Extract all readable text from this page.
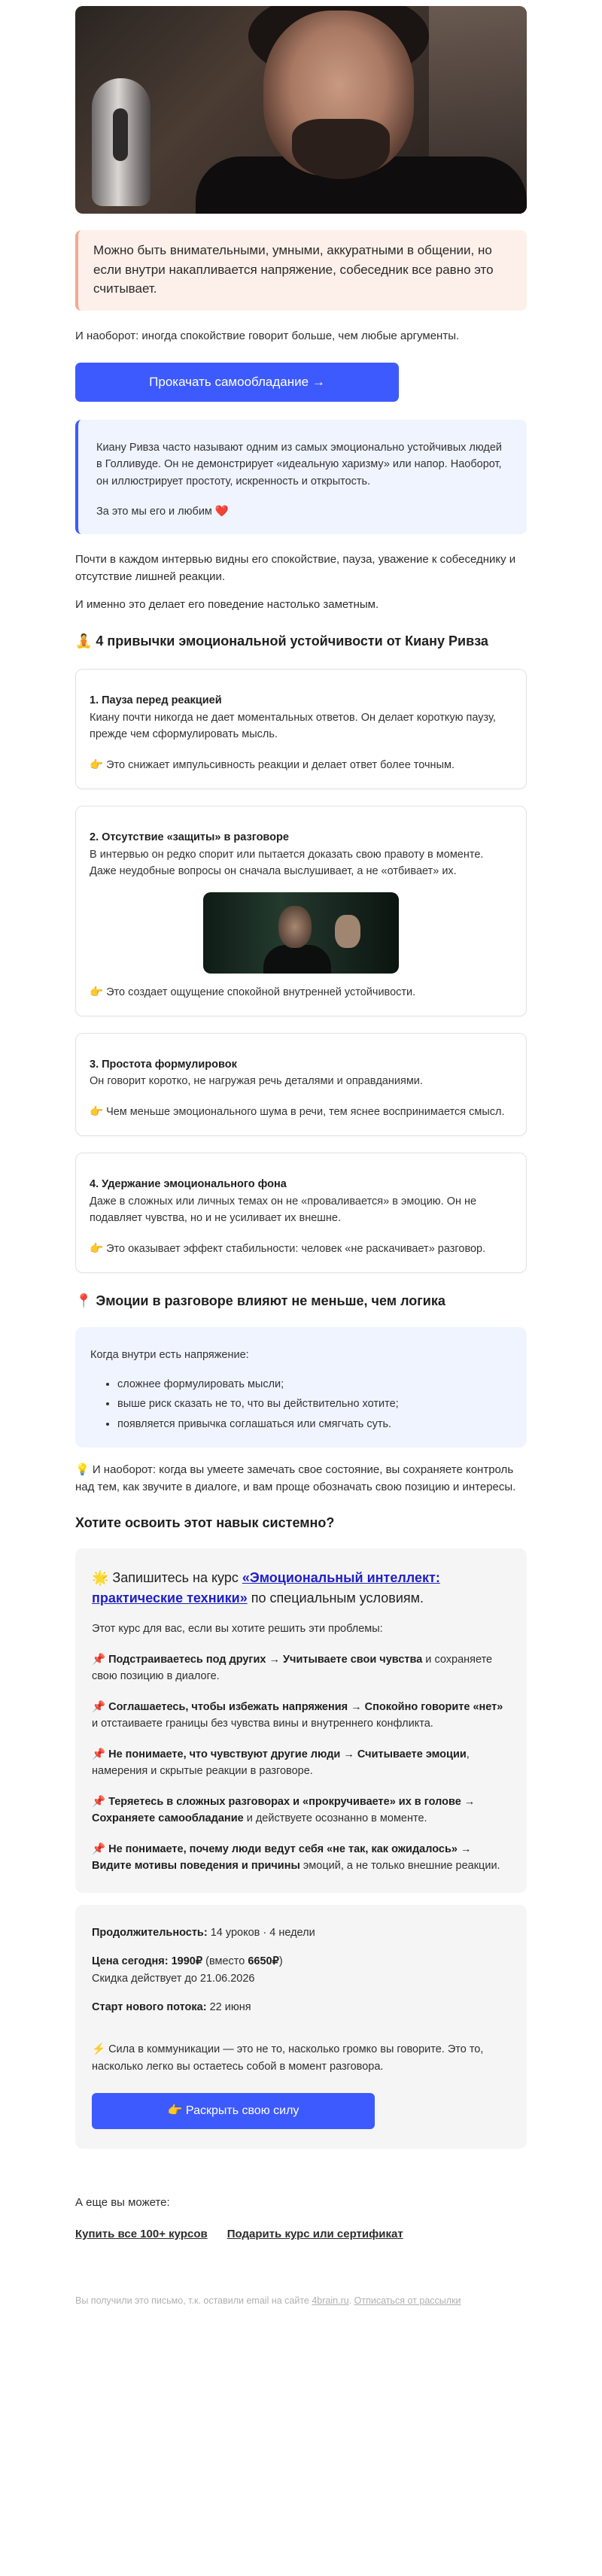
Можно быть внимательными, умными, аккуратными в общении, но если внутри накапливается напряжение, собеседник все равно это считывает.

И наоборот: иногда спокойствие говорит больше, чем любые аргументы.

Прокачать самообладание →

Киану Ривза часто называют одним из самых эмоционально устойчивых людей в Голливуде. Он не демонстрирует «идеальную харизму» или напор. Наоборот, он иллюстрирует простоту, искренность и открытость.

За это мы его и любим ❤️

Почти в каждом интервью видны его спокойствие, пауза, уважение к собеседнику и отсутствие лишней реакции.

И именно это делает его поведение настолько заметным.

🧘 4 привычки эмоциональной устойчивости от Киану Ривза
1. Пауза перед реакцией
Киану почти никогда не дает моментальных ответов. Он делает короткую паузу, прежде чем сформулировать мысль.
👉 Это снижает импульсивность реакции и делает ответ более точным.
2. Отсутствие «защиты» в разговоре
В интервью он редко спорит или пытается доказать свою правоту в моменте. Даже неудобные вопросы он сначала выслушивает, а не «отбивает» их.
👉 Это создает ощущение спокойной внутренней устойчивости.
3. Простота формулировок
Он говорит коротко, не нагружая речь деталями и оправданиями.
👉 Чем меньше эмоционального шума в речи, тем яснее воспринимается смысл.
4. Удержание эмоционального фона
Даже в сложных или личных темах он не «проваливается» в эмоцию. Он не подавляет чувства, но и не усиливает их внешне.
👉 Это оказывает эффект стабильности: человек «не раскачивает» разговор.
📍 Эмоции в разговоре влияют не меньше, чем логика

Когда внутри есть напряжение:

• сложнее формулировать мысли;
• выше риск сказать не то, что вы действительно хотите;
• появляется привычка соглашаться или смягчать суть.

💡 И наоборот: когда вы умеете замечать свое состояние, вы сохраняете контроль над тем, как звучите в диалоге, и вам проще обозначать свою позицию и интересы.

Хотите освоить этот навык системно?

🌟 Запишитесь на курс «Эмоциональный интеллект: практические техники» по специальным условиям.

Этот курс для вас, если вы хотите решить эти проблемы:

📌 Подстраиваетесь под других → Учитываете свои чувства и сохраняете свою позицию в диалоге.

📌 Соглашаетесь, чтобы избежать напряжения → Спокойно говорите «нет» и отстаиваете границы без чувства вины и внутреннего конфликта.

📌 Не понимаете, что чувствуют другие люди → Считываете эмоции, намерения и скрытые реакции в разговоре.

📌 Теряетесь в сложных разговорах и «прокручиваете» их в голове → Сохраняете самообладание и действуете осознанно в моменте.

📌 Не понимаете, почему люди ведут себя «не так, как ожидалось» → Видите мотивы поведения и причины эмоций, а не только внешние реакции.

Продолжительность: 14 уроков · 4 недели

Цена сегодня: 1990₽ (вместо 6650₽)

Скидка действует до 21.06.2026

Старт нового потока: 22 июня

⚡ Сила в коммуникации — это не то, насколько громко вы говорите. Это то, насколько легко вы остаетесь собой в момент разговора.

👉 Раскрыть свою силу

А еще вы можете:

Купить все 100+ курсов Подарить курс или сертификат

Вы получили это письмо, т.к. оставили email на сайте 4brain.ru. Отписаться от рассылки
